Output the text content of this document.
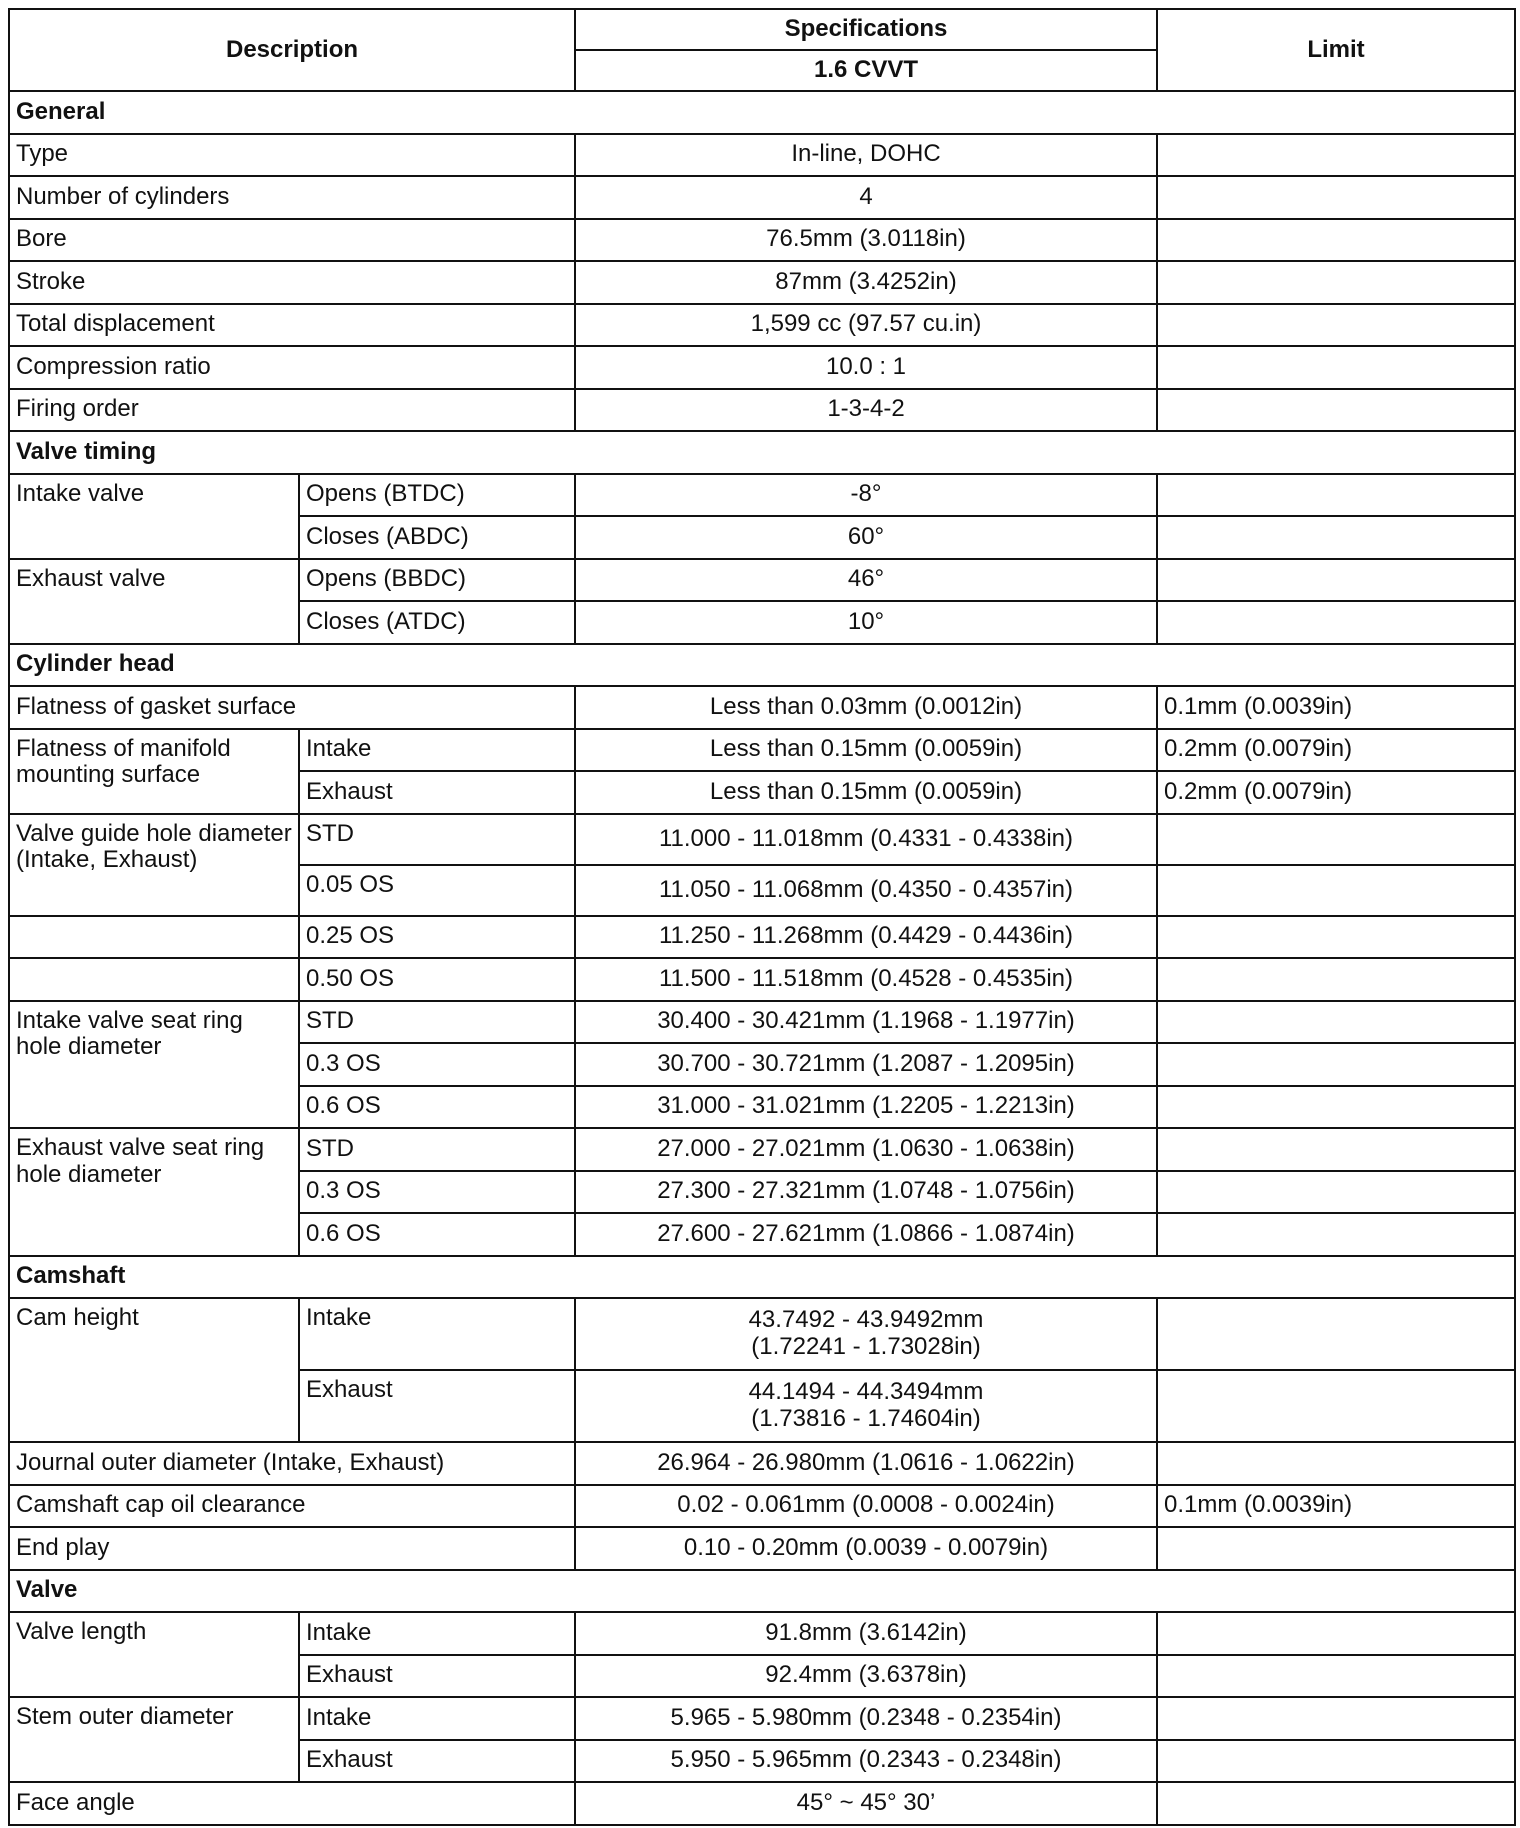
Description		Specifications	Limit
		1.6 CVVT	
General			
Type		In-line, DOHC	
Number of cylinders		4	
Bore		76.5mm (3.0118in)	
Stroke		87mm (3.4252in)	
Total displacement		1,599 cc (97.57 cu.in)	
Compression ratio		10.0 : 1	
Firing order		1-3-4-2	
Valve timing			
Intake valve	Opens (BTDC)	-8°	
	Closes (ABDC)	60°	
Exhaust valve	Opens (BBDC)	46°	
	Closes (ATDC)	10°	
Cylinder head			
Flatness of gasket surface		Less than 0.03mm (0.0012in)	0.1mm (0.0039in)
Flatness of manifold mounting surface	Intake	Less than 0.15mm (0.0059in)	0.2mm (0.0079in)
	Exhaust	Less than 0.15mm (0.0059in)	0.2mm (0.0079in)
Valve guide hole diameter (Intake, Exhaust)	STD	11.000 - 11.018mm (0.4331 - 0.4338in)	
	0.05 OS	11.050 - 11.068mm (0.4350 - 0.4357in)	
	0.25 OS	11.250 - 11.268mm (0.4429 - 0.4436in)	
	0.50 OS	11.500 - 11.518mm (0.4528 - 0.4535in)	
Intake valve seat ring hole diameter	STD	30.400 - 30.421mm (1.1968 - 1.1977in)	
	0.3 OS	30.700 - 30.721mm (1.2087 - 1.2095in)	
	0.6 OS	31.000 - 31.021mm (1.2205 - 1.2213in)	
Exhaust valve seat ring hole diameter	STD	27.000 - 27.021mm (1.0630 - 1.0638in)	
	0.3 OS	27.300 - 27.321mm (1.0748 - 1.0756in)	
	0.6 OS	27.600 - 27.621mm (1.0866 - 1.0874in)	
Camshaft			
Cam height	Intake	43.7492 - 43.9492mm
(1.72241 - 1.73028in)	

	Exhaust	44.1494 - 44.3494mm
(1.73816 - 1.74604in)	

Journal outer diameter (Intake, Exhaust)		26.964 - 26.980mm (1.0616 - 1.0622in)	
Camshaft cap oil clearance		0.02 - 0.061mm (0.0008 - 0.0024in)	0.1mm (0.0039in)
End play		0.10 - 0.20mm (0.0039 - 0.0079in)	
Valve			
Valve length	Intake	91.8mm (3.6142in)	
	Exhaust	92.4mm (3.6378in)	
Stem outer diameter	Intake	5.965 - 5.980mm (0.2348 - 0.2354in)	
	Exhaust	5.950 - 5.965mm (0.2343 - 0.2348in)	
Face angle		45° ~ 45° 30’	
